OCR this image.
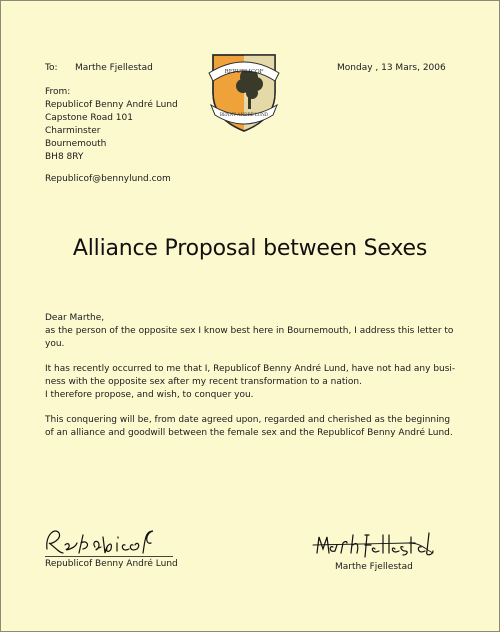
To: Marthe Fjellestad	Monday , 13 Mars, 2006
REPUBLICOF
BENNY ANDRÉ LUND
From:
Republicof Benny André Lund
Capstone Road 101
Charminster
Bournemouth
BH8 8RY
Republicof@bennylund.com
Alliance Proposal between Sexes
Dear Marthe,
as the person of the opposite sex I know best here in Bournemouth, I address this letter to
you.
It has recently occurred to me that I, Republicof Benny André Lund, have not had any busi-
ness with the opposite sex after my recent transformation to a nation.
I therefore propose, and wish, to conquer you.
This conquering will be, from date agreed upon, regarded and cherished as the beginning
of an alliance and goodwill between the female sex and the Republicof Benny André Lund.
Republicof Benny André Lund	Marthe Fjellestad
